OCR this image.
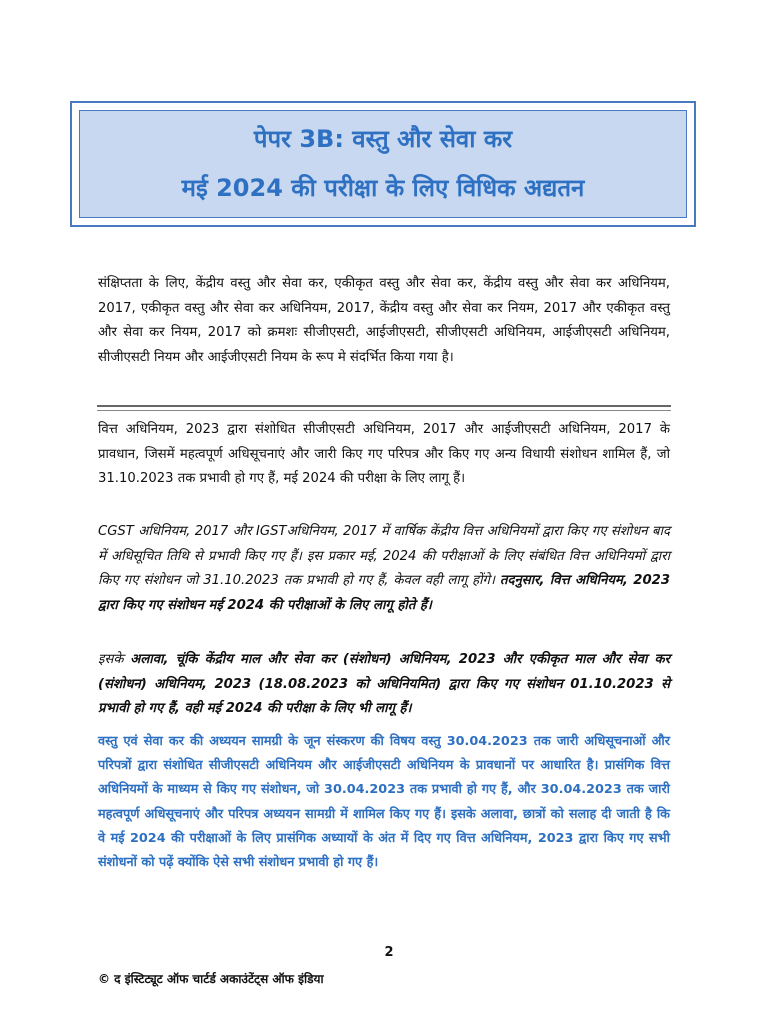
पेपर 3B: वस्तु और सेवा कर
मई 2024 की परीक्षा के लिए विधिक अद्यतन

संक्षिप्तता के लिए, केंद्रीय वस्तु और सेवा कर, एकीकृत वस्तु और सेवा कर, केंद्रीय वस्तु और सेवा कर अधिनियम, 2017, एकीकृत वस्तु और सेवा कर अधिनियम, 2017, केंद्रीय वस्तु और सेवा कर नियम, 2017 और एकीकृत वस्तु और सेवा कर नियम, 2017 को क्रमशः सीजीएसटी, आईजीएसटी, सीजीएसटी अधिनियम, आईजीएसटी अधिनियम, सीजीएसटी नियम और आईजीएसटी नियम के रूप मे संदर्भित किया गया है।

वित्त अधिनियम, 2023 द्वारा संशोधित सीजीएसटी अधिनियम, 2017 और आईजीएसटी अधिनियम, 2017 के प्रावधान, जिसमें महत्वपूर्ण अधिसूचनाएं और जारी किए गए परिपत्र और किए गए अन्य विधायी संशोधन शामिल हैं, जो 31.10.2023 तक प्रभावी हो गए हैं, मई 2024 की परीक्षा के लिए लागू हैं।

CGST अधिनियम, 2017 और IGSTअधिनियम, 2017 में वार्षिक केंद्रीय वित्त अधिनियमों द्वारा किए गए संशोधन बाद में अधिसूचित तिथि से प्रभावी किए गए हैं। इस प्रकार मई, 2024 की परीक्षाओं के लिए संबंधित वित्त अधिनियमों द्वारा किए गए संशोधन जो 31.10.2023 तक प्रभावी हो गए हैं, केवल वही लागू होंगे। तदनुसार, वित्त अधिनियम, 2023 द्वारा किए गए संशोधन मई 2024 की परीक्षाओं के लिए लागू होते हैं।

इसके अलावा, चूंकि केंद्रीय माल और सेवा कर (संशोधन) अधिनियम, 2023 और एकीकृत माल और सेवा कर (संशोधन) अधिनियम, 2023 (18.08.2023 को अधिनियमित) द्वारा किए गए संशोधन 01.10.2023 से प्रभावी हो गए हैं, वही मई 2024 की परीक्षा के लिए भी लागू हैं।

वस्तु एवं सेवा कर की अध्ययन सामग्री के जून संस्करण की विषय वस्तु 30.04.2023 तक जारी अधिसूचनाओं और परिपत्रों द्वारा संशोधित सीजीएसटी अधिनियम और आईजीएसटी अधिनियम के प्रावधानों पर आधारित है। प्रासंगिक वित्त अधिनियमों के माध्यम से किए गए संशोधन, जो 30.04.2023 तक प्रभावी हो गए हैं, और 30.04.2023 तक जारी महत्वपूर्ण अधिसूचनाएं और परिपत्र अध्ययन सामग्री में शामिल किए गए हैं। इसके अलावा, छात्रों को सलाह दी जाती है कि वे मई 2024 की परीक्षाओं के लिए प्रासंगिक अध्यायों के अंत में दिए गए वित्त अधिनियम, 2023 द्वारा किए गए सभी संशोधनों को पढ़ें क्योंकि ऐसे सभी संशोधन प्रभावी हो गए हैं।

2
© द इंस्टिट्यूट ऑफ चार्टर्ड अकाउंटेंट्स ऑफ इंडिया
